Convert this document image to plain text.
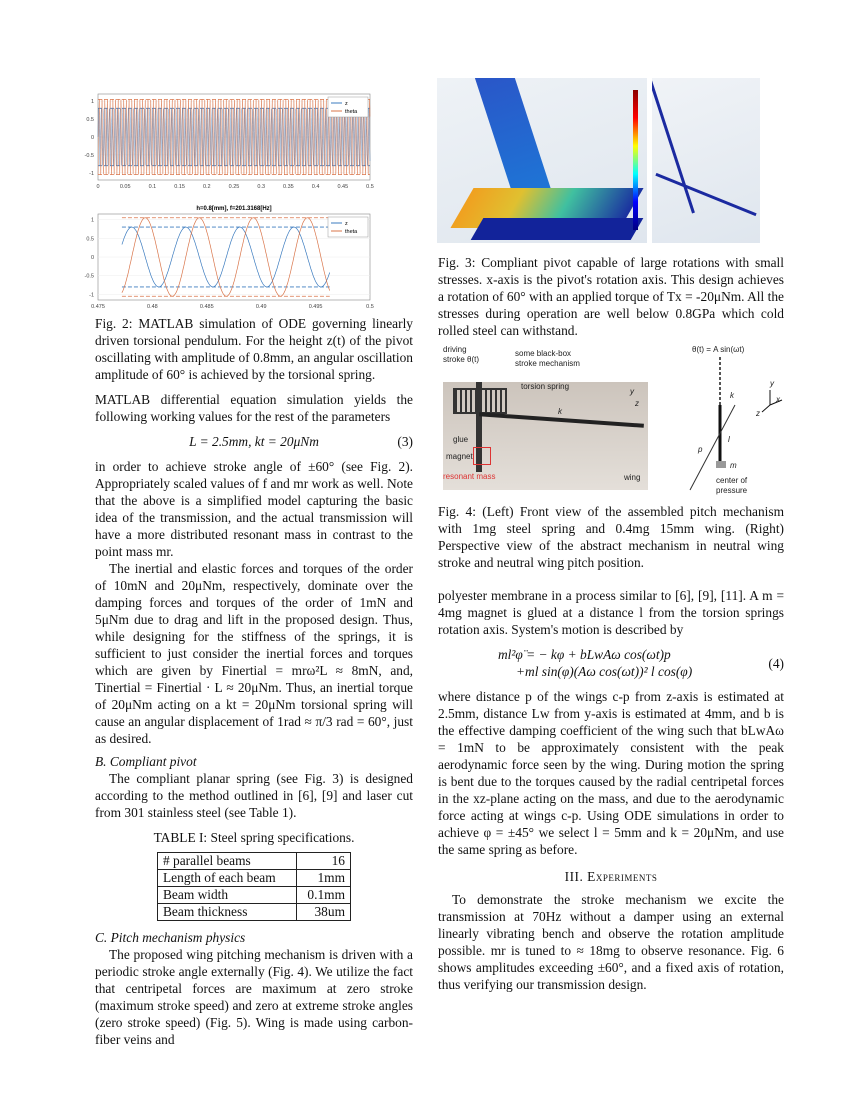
0	0.05	0.1	0.15	0.2	0.25	0.3	0.35	0.4	0.45	0.5
1
0.5
0
-0.5
-1
z
theta
h=0.8[mm], f=201.3168[Hz]
0.475	0.48	0.485	0.49	0.495	0.5
1
0.5
0
-0.5
-1
z
theta
Fig. 2: MATLAB simulation of ODE governing linearly driven torsional pendulum. For the height z(t) of the pivot oscillating with amplitude of 0.8mm, an angular oscillation amplitude of 60° is achieved by the torsional spring.
MATLAB differential equation simulation yields the following working values for the rest of the parameters
L = 2.5mm, kt = 20μNm	(3)
in order to achieve stroke angle of ±60° (see Fig. 2). Appropriately scaled values of f and mr work as well. Note that the above is a simplified model capturing the basic idea of the transmission, and the actual transmission will have a more distributed resonant mass in contrast to the point mass mr.
The inertial and elastic forces and torques of the order of 10mN and 20μNm, respectively, dominate over the damping forces and torques of the order of 1mN and 5μNm due to drag and lift in the proposed design. Thus, while designing for the stiffness of the springs, it is sufficient to just consider the inertial forces and torques which are given by Finertial = mrω²L ≈ 8mN, and, Tinertial = Finertial · L ≈ 20μNm. Thus, an inertial torque of 20μNm acting on a kt = 20μNm torsional spring will cause an angular displacement of 1rad ≈ π/3 rad = 60°, just as desired.
B. Compliant pivot
The compliant planar spring (see Fig. 3) is designed according to the method outlined in [6], [9] and laser cut from 301 stainless steel (see Table 1).
TABLE I: Steel spring specifications.
# parallel beams	16
Length of each beam	1mm
Beam width	0.1mm
Beam thickness	38um
C. Pitch mechanism physics
The proposed wing pitching mechanism is driven with a periodic stroke angle externally (Fig. 4). We utilize the fact that centripetal forces are maximum at zero stroke (maximum stroke speed) and zero at extreme stroke angles (zero stroke speed) (Fig. 5). Wing is made using carbon-fiber veins and
Fig. 3: Compliant pivot capable of large rotations with small stresses. x-axis is the pivot's rotation axis. This design achieves a rotation of 60° with an applied torque of Tx = -20μNm. All the stresses during operation are well below 0.8GPa which cold rolled steel can withstand.
driving
stroke θ(t)
some black-box
stroke mechanism
torsion spring
k
y
z
glue
magnet
resonant mass	wing
θ(t) = A sin(ωt)
k
l
p
m
center of
pressure
y
x
z
Fig. 4: (Left) Front view of the assembled pitch mechanism with 1mg steel spring and 0.4mg 15mm wing. (Right) Perspective view of the abstract mechanism in neutral wing stroke and neutral wing pitch position.
polyester membrane in a process similar to [6], [9], [11]. A m = 4mg magnet is glued at a distance l from the torsion springs rotation axis. System's motion is described by
ml²φ̈ = − kφ + bLwAω cos(ωt)p
+ml sin(φ)(Aω cos(ωt))² l cos(φ)
(4)
where distance p of the wings c-p from z-axis is estimated at 2.5mm, distance Lw from y-axis is estimated at 4mm, and b is the effective damping coefficient of the wing such that bLwAω = 1mN to be approximately consistent with the peak aerodynamic force seen by the wing. During motion the spring is bent due to the torques caused by the radial centripetal forces in the xz-plane acting on the mass, and due to the aerodynamic force acting at wings c-p. Using ODE simulations in order to achieve φ = ±45° we select l = 5mm and k = 20μNm, and use the same spring as before.
III. Experiments
To demonstrate the stroke mechanism we excite the transmission at 70Hz without a damper using an external linearly vibrating bench and observe the rotation amplitude possible. mr is tuned to ≈ 18mg to observe resonance. Fig. 6 shows amplitudes exceeding ±60°, and a fixed axis of rotation, thus verifying our transmission design.
